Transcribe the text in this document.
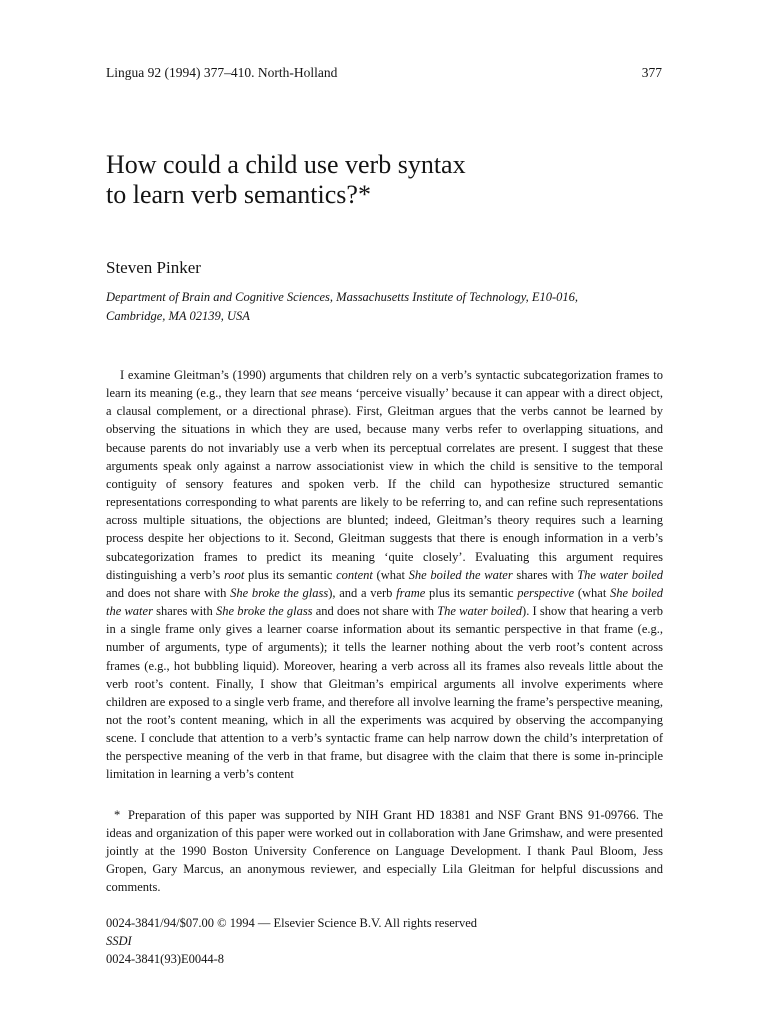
Lingua 92 (1994) 377–410. North-Holland	377
How could a child use verb syntax
to learn verb semantics?*
Steven Pinker
Department of Brain and Cognitive Sciences, Massachusetts Institute of Technology, E10-016,
Cambridge, MA 02139, USA

I examine Gleitman’s (1990) arguments that children rely on a verb’s syntactic subcategorization frames to learn its meaning (e.g., they learn that see means ‘perceive visually’ because it can appear with a direct object, a clausal complement, or a directional phrase). First, Gleitman argues that the verbs cannot be learned by observing the situations in which they are used, because many verbs refer to overlapping situations, and because parents do not invariably use a verb when its perceptual correlates are present. I suggest that these arguments speak only against a narrow associationist view in which the child is sensitive to the temporal contiguity of sensory features and spoken verb. If the child can hypothesize structured semantic representations corresponding to what parents are likely to be referring to, and can refine such representations across multiple situations, the objections are blunted; indeed, Gleitman’s theory requires such a learning process despite her objections to it. Second, Gleitman suggests that there is enough information in a verb’s subcategorization frames to predict its meaning ‘quite closely’. Evaluating this argument requires distinguishing a verb’s root plus its semantic content (what She boiled the water shares with The water boiled and does not share with She broke the glass), and a verb frame plus its semantic perspective (what She boiled the water shares with She broke the glass and does not share with The water boiled). I show that hearing a verb in a single frame only gives a learner coarse information about its semantic perspective in that frame (e.g., number of arguments, type of arguments); it tells the learner nothing about the verb root’s content across frames (e.g., hot bubbling liquid). Moreover, hearing a verb across all its frames also reveals little about the verb root’s content. Finally, I show that Gleitman’s empirical arguments all involve experiments where children are exposed to a single verb frame, and therefore all involve learning the frame’s perspective meaning, not the root’s content meaning, which in all the experiments was acquired by observing the accompanying scene. I conclude that attention to a verb’s syntactic frame can help narrow down the child’s interpretation of the perspective meaning of the verb in that frame, but disagree with the claim that there is some in-principle limitation in learning a verb’s content

* Preparation of this paper was supported by NIH Grant HD 18381 and NSF Grant BNS 91-09766. The ideas and organization of this paper were worked out in collaboration with Jane Grimshaw, and were presented jointly at the 1990 Boston University Conference on Language Development. I thank Paul Bloom, Jess Gropen, Gary Marcus, an anonymous reviewer, and especially Lila Gleitman for helpful discussions and comments.

0024-3841/94/$07.00 © 1994 — Elsevier Science B.V. All rights reserved
SSDI
0024-3841(93)E0044-8
